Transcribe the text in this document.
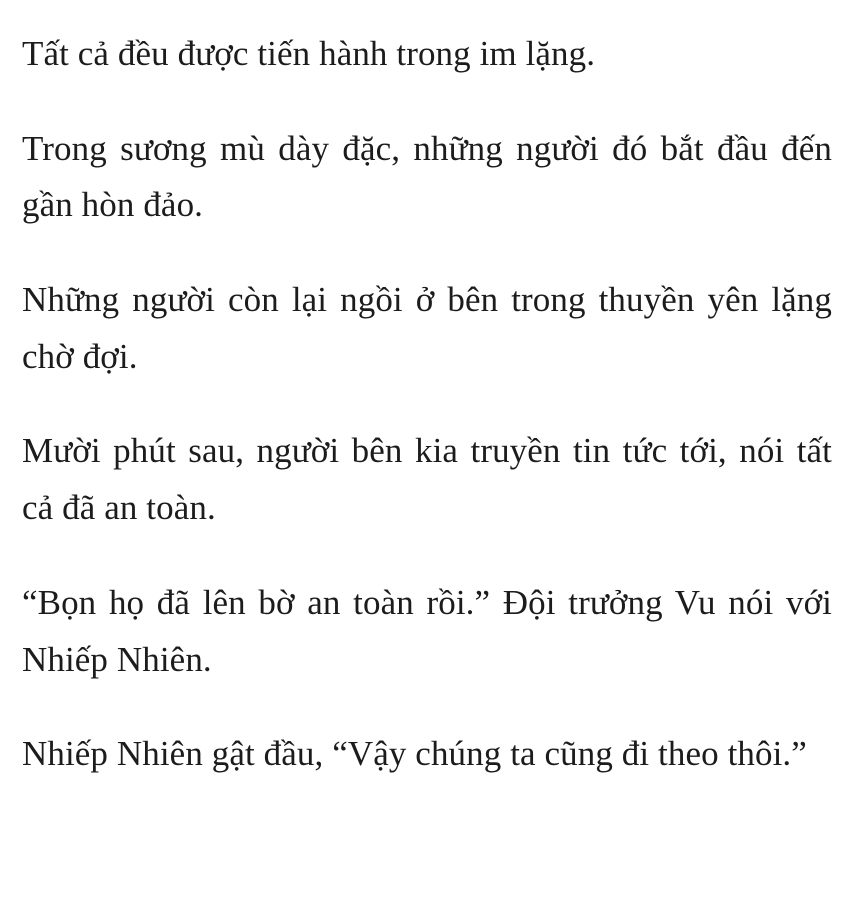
Tất cả đều được tiến hành trong im lặng.

Trong sương mù dày đặc, những người đó bắt đầu đến gần hòn đảo.

Những người còn lại ngồi ở bên trong thuyền yên lặng chờ đợi.

Mười phút sau, người bên kia truyền tin tức tới, nói tất cả đã an toàn.

“Bọn họ đã lên bờ an toàn rồi.” Đội trưởng Vu nói với Nhiếp Nhiên.

Nhiếp Nhiên gật đầu, “Vậy chúng ta cũng đi theo thôi.”
